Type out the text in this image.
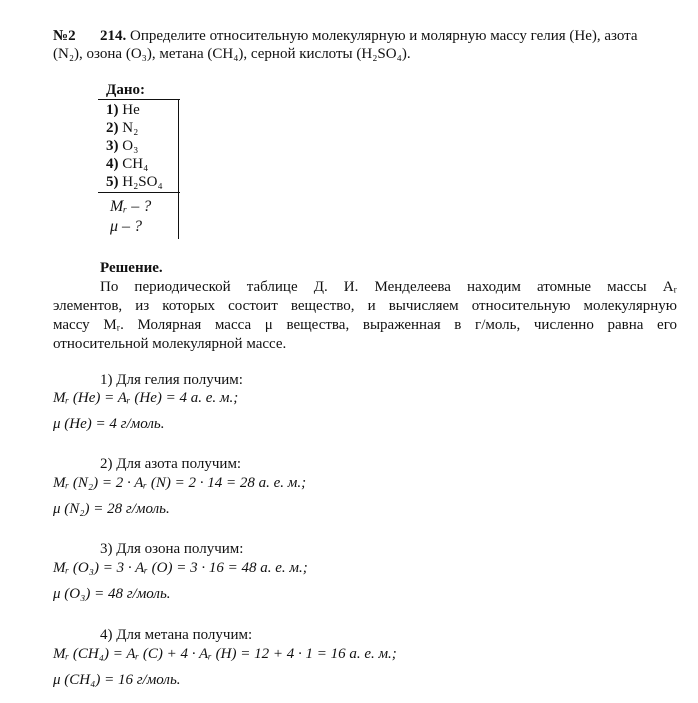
№2 214. Определите относительную молекулярную и молярную массу гелия (He), азота
(N₂), озона (O₃), метана (CH₄), серной кислоты (H₂SO₄).
Дано:
1) He
2) N₂
3) O₃
4) CH₄
5) H₂SO₄
Mᵣ – ?
μ – ?
Решение.
По периодической таблице Д. И. Менделеева находим атомные массы Aᵣ
элементов, из которых состоит вещество, и вычисляем относительную молекулярную
массу Mᵣ. Молярная масса μ вещества, выраженная в г/моль, численно равна его
относительной молекулярной массе.
1) Для гелия получим:
Mᵣ (He) = Aᵣ (He) = 4 а. е. м.;
μ (He) = 4 г/моль.
2) Для азота получим:
Mᵣ (N₂) = 2 · Aᵣ (N) = 2 · 14 = 28 а. е. м.;
μ (N₂) = 28 г/моль.
3) Для озона получим:
Mᵣ (O₃) = 3 · Aᵣ (O) = 3 · 16 = 48 а. е. м.;
μ (O₃) = 48 г/моль.
4) Для метана получим:
Mᵣ (CH₄) = Aᵣ (C) + 4 · Aᵣ (H) = 12 + 4 · 1 = 16 а. е. м.;
μ (CH₄) = 16 г/моль.
